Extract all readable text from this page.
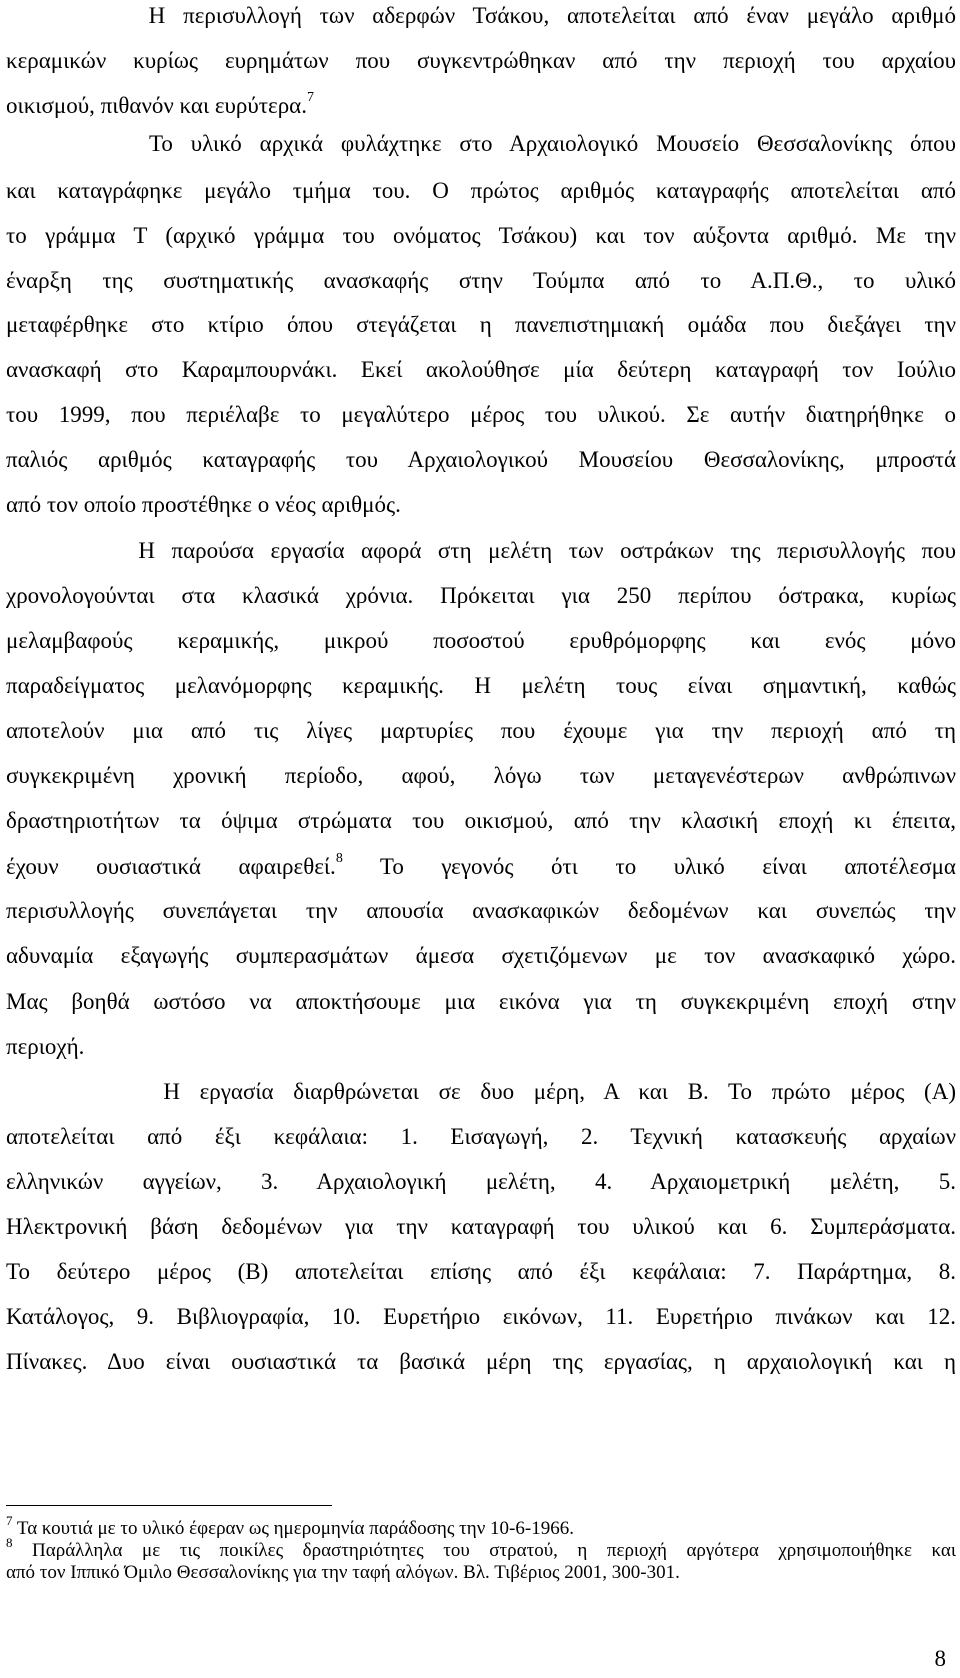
Η περισυλλογή των αδερφών Τσάκου, αποτελείται από έναν μεγάλο αριθμό
κεραμικών κυρίως ευρημάτων που συγκεντρώθηκαν από την περιοχή του αρχαίου
οικισμού, πιθανόν και ευρύτερα.$^7$
Το υλικό αρχικά φυλάχτηκε στο Αρχαιολογικό Μουσείο Θεσσαλονίκης όπου
και καταγράφηκε μεγάλο τμήμα του. Ο πρώτος αριθμός καταγραφής αποτελείται από
το γράμμα Τ (αρχικό γράμμα του ονόματος Τσάκου) και τον αύξοντα αριθμό. Με την
έναρξη της συστηματικής ανασκαφής στην Τούμπα από το Α.Π.Θ., το υλικό
μεταφέρθηκε στο κτίριο όπου στεγάζεται η πανεπιστημιακή ομάδα που διεξάγει την
ανασκαφή στο Καραμπουρνάκι. Εκεί ακολούθησε μία δεύτερη καταγραφή τον Ιούλιο
του 1999, που περιέλαβε το μεγαλύτερο μέρος του υλικού. Σε αυτήν διατηρήθηκε ο
παλιός αριθμός καταγραφής του Αρχαιολογικού Μουσείου Θεσσαλονίκης, μπροστά
από τον οποίο προστέθηκε ο νέος αριθμός.
Η παρούσα εργασία αφορά στη μελέτη των οστράκων της περισυλλογής που
χρονολογούνται στα κλασικά χρόνια. Πρόκειται για 250 περίπου όστρακα, κυρίως
μελαμβαφούς κεραμικής, μικρού ποσοστού ερυθρόμορφης και ενός μόνο
παραδείγματος μελανόμορφης κεραμικής. Η μελέτη τους είναι σημαντική, καθώς
αποτελούν μια από τις λίγες μαρτυρίες που έχουμε για την περιοχή από τη
συγκεκριμένη χρονική περίοδο, αφού, λόγω των μεταγενέστερων ανθρώπινων
δραστηριοτήτων τα όψιμα στρώματα του οικισμού, από την κλασική εποχή κι έπειτα,
έχουν ουσιαστικά αφαιρεθεί.$^8$ Το γεγονός ότι το υλικό είναι αποτέλεσμα
περισυλλογής συνεπάγεται την απουσία ανασκαφικών δεδομένων και συνεπώς την
αδυναμία εξαγωγής συμπερασμάτων άμεσα σχετιζόμενων με τον ανασκαφικό χώρο.
Μας βοηθά ωστόσο να αποκτήσουμε μια εικόνα για τη συγκεκριμένη εποχή στην
περιοχή.
Η εργασία διαρθρώνεται σε δυο μέρη, Α και Β. Το πρώτο μέρος (Α)
αποτελείται από έξι κεφάλαια: 1. Εισαγωγή, 2. Τεχνική κατασκευής αρχαίων
ελληνικών αγγείων, 3. Αρχαιολογική μελέτη, 4. Αρχαιομετρική μελέτη, 5.
Ηλεκτρονική βάση δεδομένων για την καταγραφή του υλικού και 6. Συμπεράσματα.
Το δεύτερο μέρος (Β) αποτελείται επίσης από έξι κεφάλαια: 7. Παράρτημα, 8.
Κατάλογος, 9. Βιβλιογραφία, 10. Ευρετήριο εικόνων, 11. Ευρετήριο πινάκων και 12.
Πίνακες. Δυο είναι ουσιαστικά τα βασικά μέρη της εργασίας, η αρχαιολογική και η
$^7$ Τα κουτιά με το υλικό έφεραν ως ημερομηνία παράδοσης την 10-6-1966.
$^8$ Παράλληλα με τις ποικίλες δραστηριότητες του στρατού, η περιοχή αργότερα χρησιμοποιήθηκε και
από τον Ιππικό Όμιλο Θεσσαλονίκης για την ταφή αλόγων. Βλ. Τιβέριος 2001, 300-301.
8
